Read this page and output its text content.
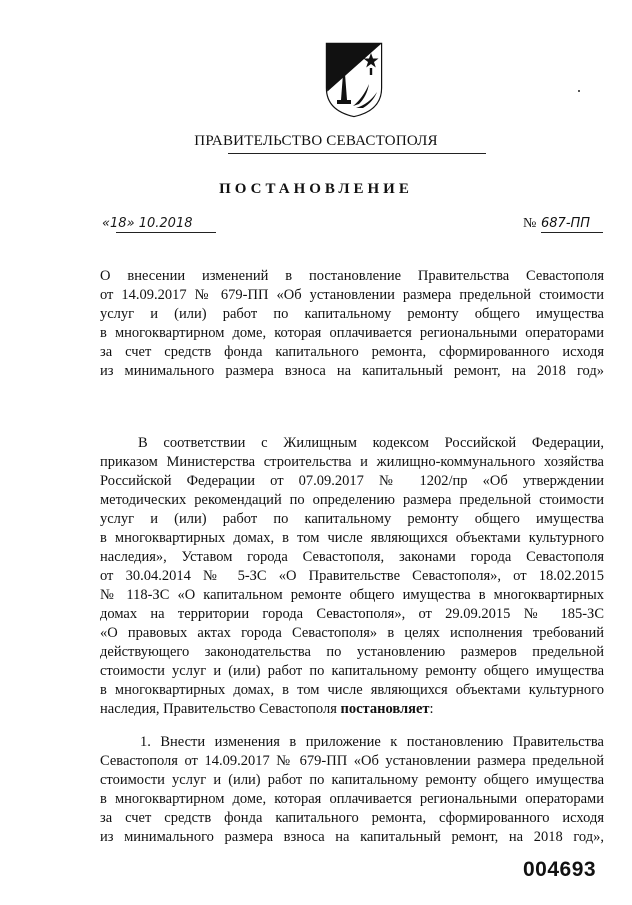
ПРАВИТЕЛЬСТВО СЕВАСТОПОЛЯ
ПОСТАНОВЛЕНИЕ
«18» 10.2018	№ 687-ПП
О внесении изменений в постановление Правительства Севастополя
от 14.09.2017 № 679-ПП «Об установлении размера предельной стоимости
услуг и (или) работ по капитальному ремонту общего имущества
в многоквартирном доме, которая оплачивается региональными операторами
за счет средств фонда капитального ремонта, сформированного исходя
из минимального размера взноса на капитальный ремонт, на 2018 год»
В соответствии с Жилищным кодексом Российской Федерации,
приказом Министерства строительства и жилищно-коммунального хозяйства
Российской Федерации от 07.09.2017 № 1202/пр «Об утверждении
методических рекомендаций по определению размера предельной стоимости
услуг и (или) работ по капитальному ремонту общего имущества
в многоквартирных домах, в том числе являющихся объектами культурного
наследия», Уставом города Севастополя, законами города Севастополя
от 30.04.2014 № 5-ЗС «О Правительстве Севастополя», от 18.02.2015
№ 118-ЗС «О капитальном ремонте общего имущества в многоквартирных
домах на территории города Севастополя», от 29.09.2015 № 185-ЗС
«О правовых актах города Севастополя» в целях исполнения требований
действующего законодательства по установлению размеров предельной
стоимости услуг и (или) работ по капитальному ремонту общего имущества
в многоквартирных домах, в том числе являющихся объектами культурного
наследия, Правительство Севастополя постановляет:
1. Внести изменения в приложение к постановлению Правительства
Севастополя от 14.09.2017 № 679-ПП «Об установлении размера предельной
стоимости услуг и (или) работ по капитальному ремонту общего имущества
в многоквартирном доме, которая оплачивается региональными операторами
за счет средств фонда капитального ремонта, сформированного исходя
из минимального размера взноса на капитальный ремонт, на 2018 год»,
004693
